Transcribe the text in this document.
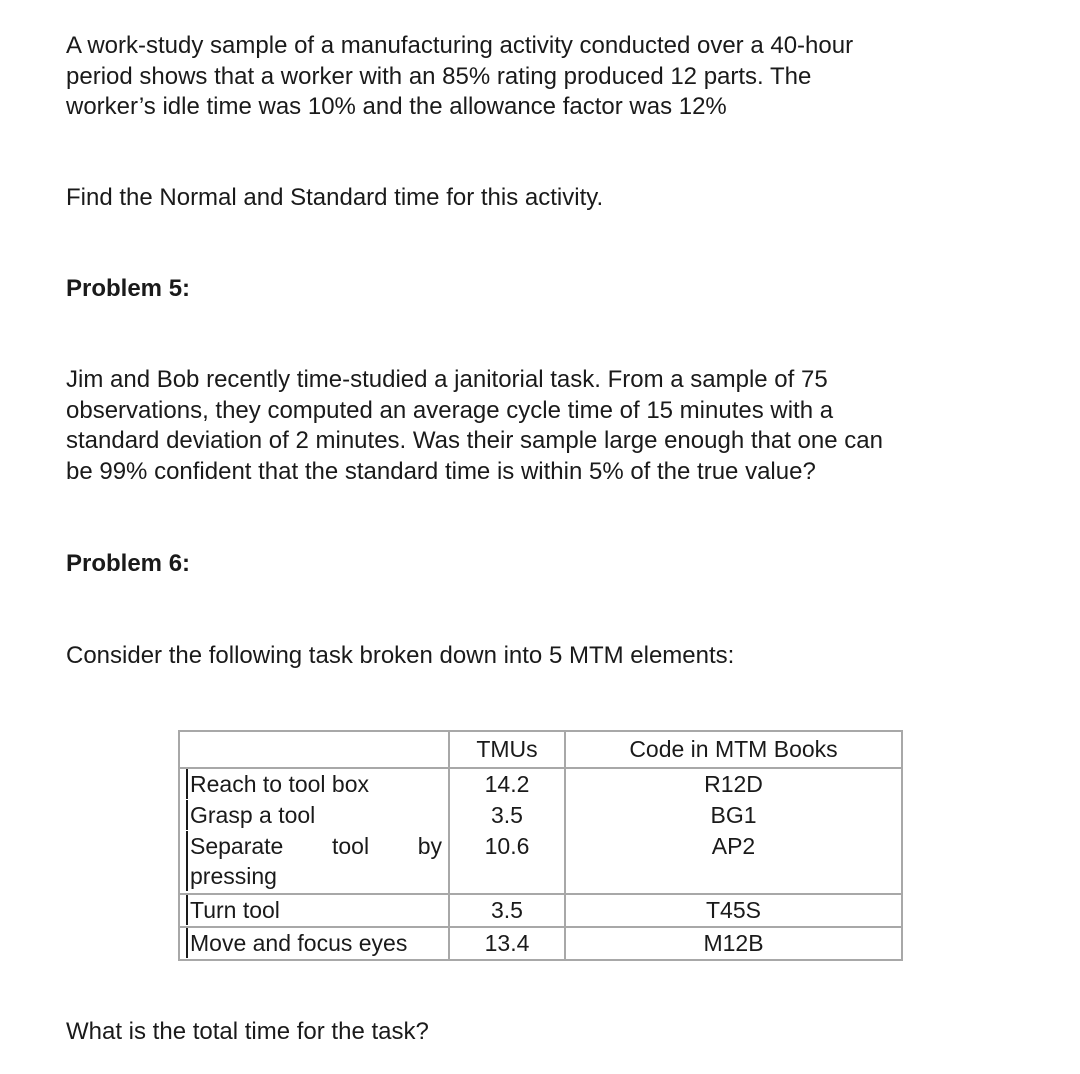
A work-study sample of a manufacturing activity conducted over a 40-hour
period shows that a worker with an 85% rating produced 12 parts. The
worker’s idle time was 10% and the allowance factor was 12%

Find the Normal and Standard time for this activity.

Problem 5:

Jim and Bob recently time-studied a janitorial task. From a sample of 75
observations, they computed an average cycle time of 15 minutes with a
standard deviation of 2 minutes. Was their sample large enough that one can
be 99% confident that the standard time is within 5% of the true value?

Problem 6:

Consider the following task broken down into 5 MTM elements:

	TMUs	Code in MTM Books

Reach to tool box	14.2	R12D

Grasp a tool	3.5	BG1

Separate tool by
pressing	10.6	AP2

Turn tool	3.5	T45S

Move and focus eyes	13.4	M12B

What is the total time for the task?
